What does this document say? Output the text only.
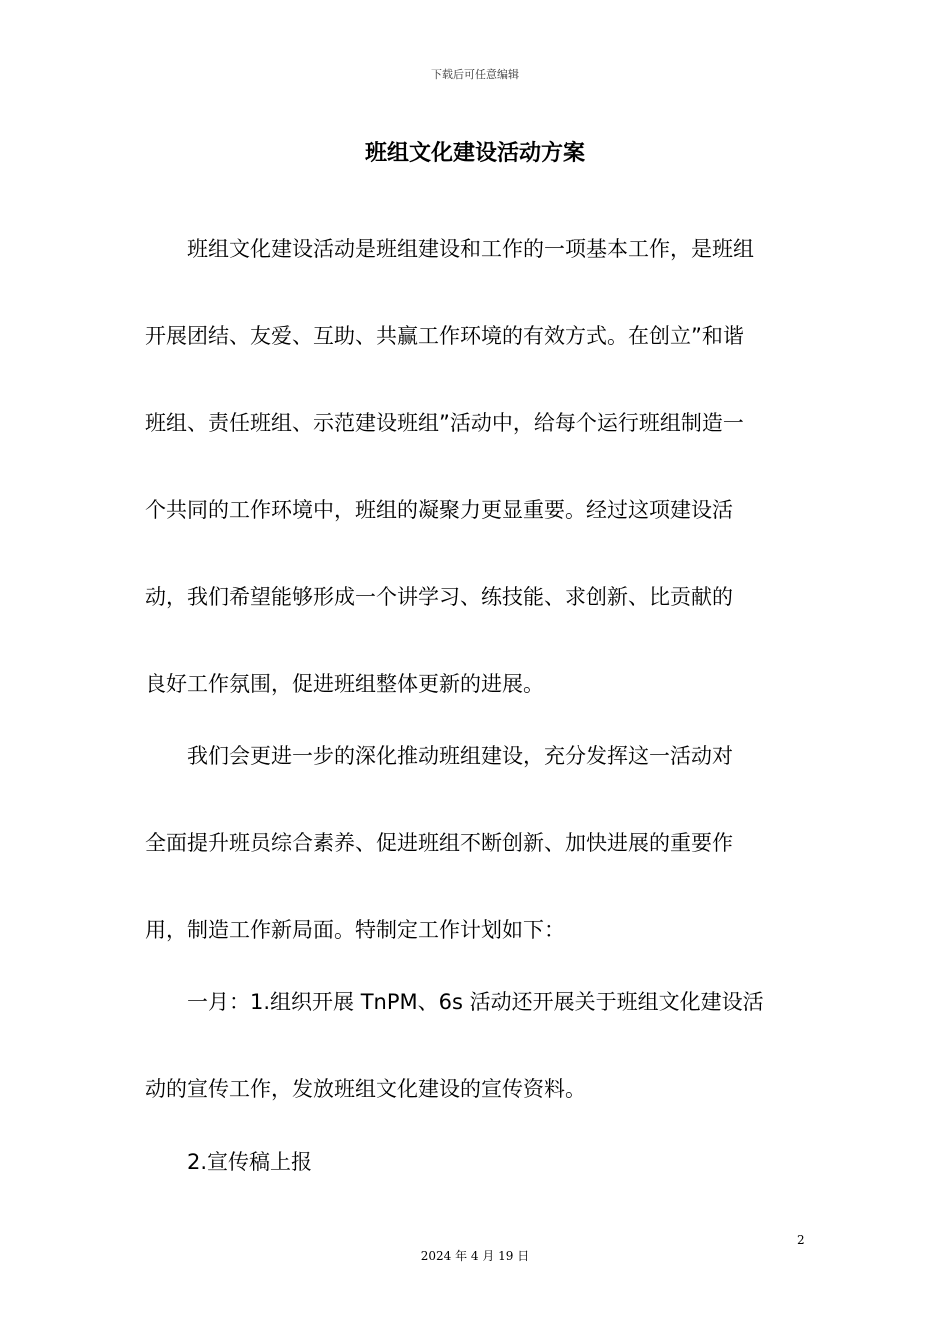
下载后可任意编辑
班组文化建设活动方案
　　班组文化建设活动是班组建设和工作的一项基本工作，是班组
开展团结、友爱、互助、共赢工作环境的有效方式。在创立”和谐
班组、责任班组、示范建设班组”活动中，给每个运行班组制造一
个共同的工作环境中，班组的凝聚力更显重要。经过这项建设活
动，我们希望能够形成一个讲学习、练技能、求创新、比贡献的
良好工作氛围，促进班组整体更新的进展。
　　我们会更进一步的深化推动班组建设，充分发挥这一活动对
全面提升班员综合素养、促进班组不断创新、加快进展的重要作
用，制造工作新局面。特制定工作计划如下：
　　一月：1.组织开展 TnPM、6s 活动还开展关于班组文化建设活
动的宣传工作，发放班组文化建设的宣传资料。
　　2.宣传稿上报
2
2024 年 4 月 19 日
